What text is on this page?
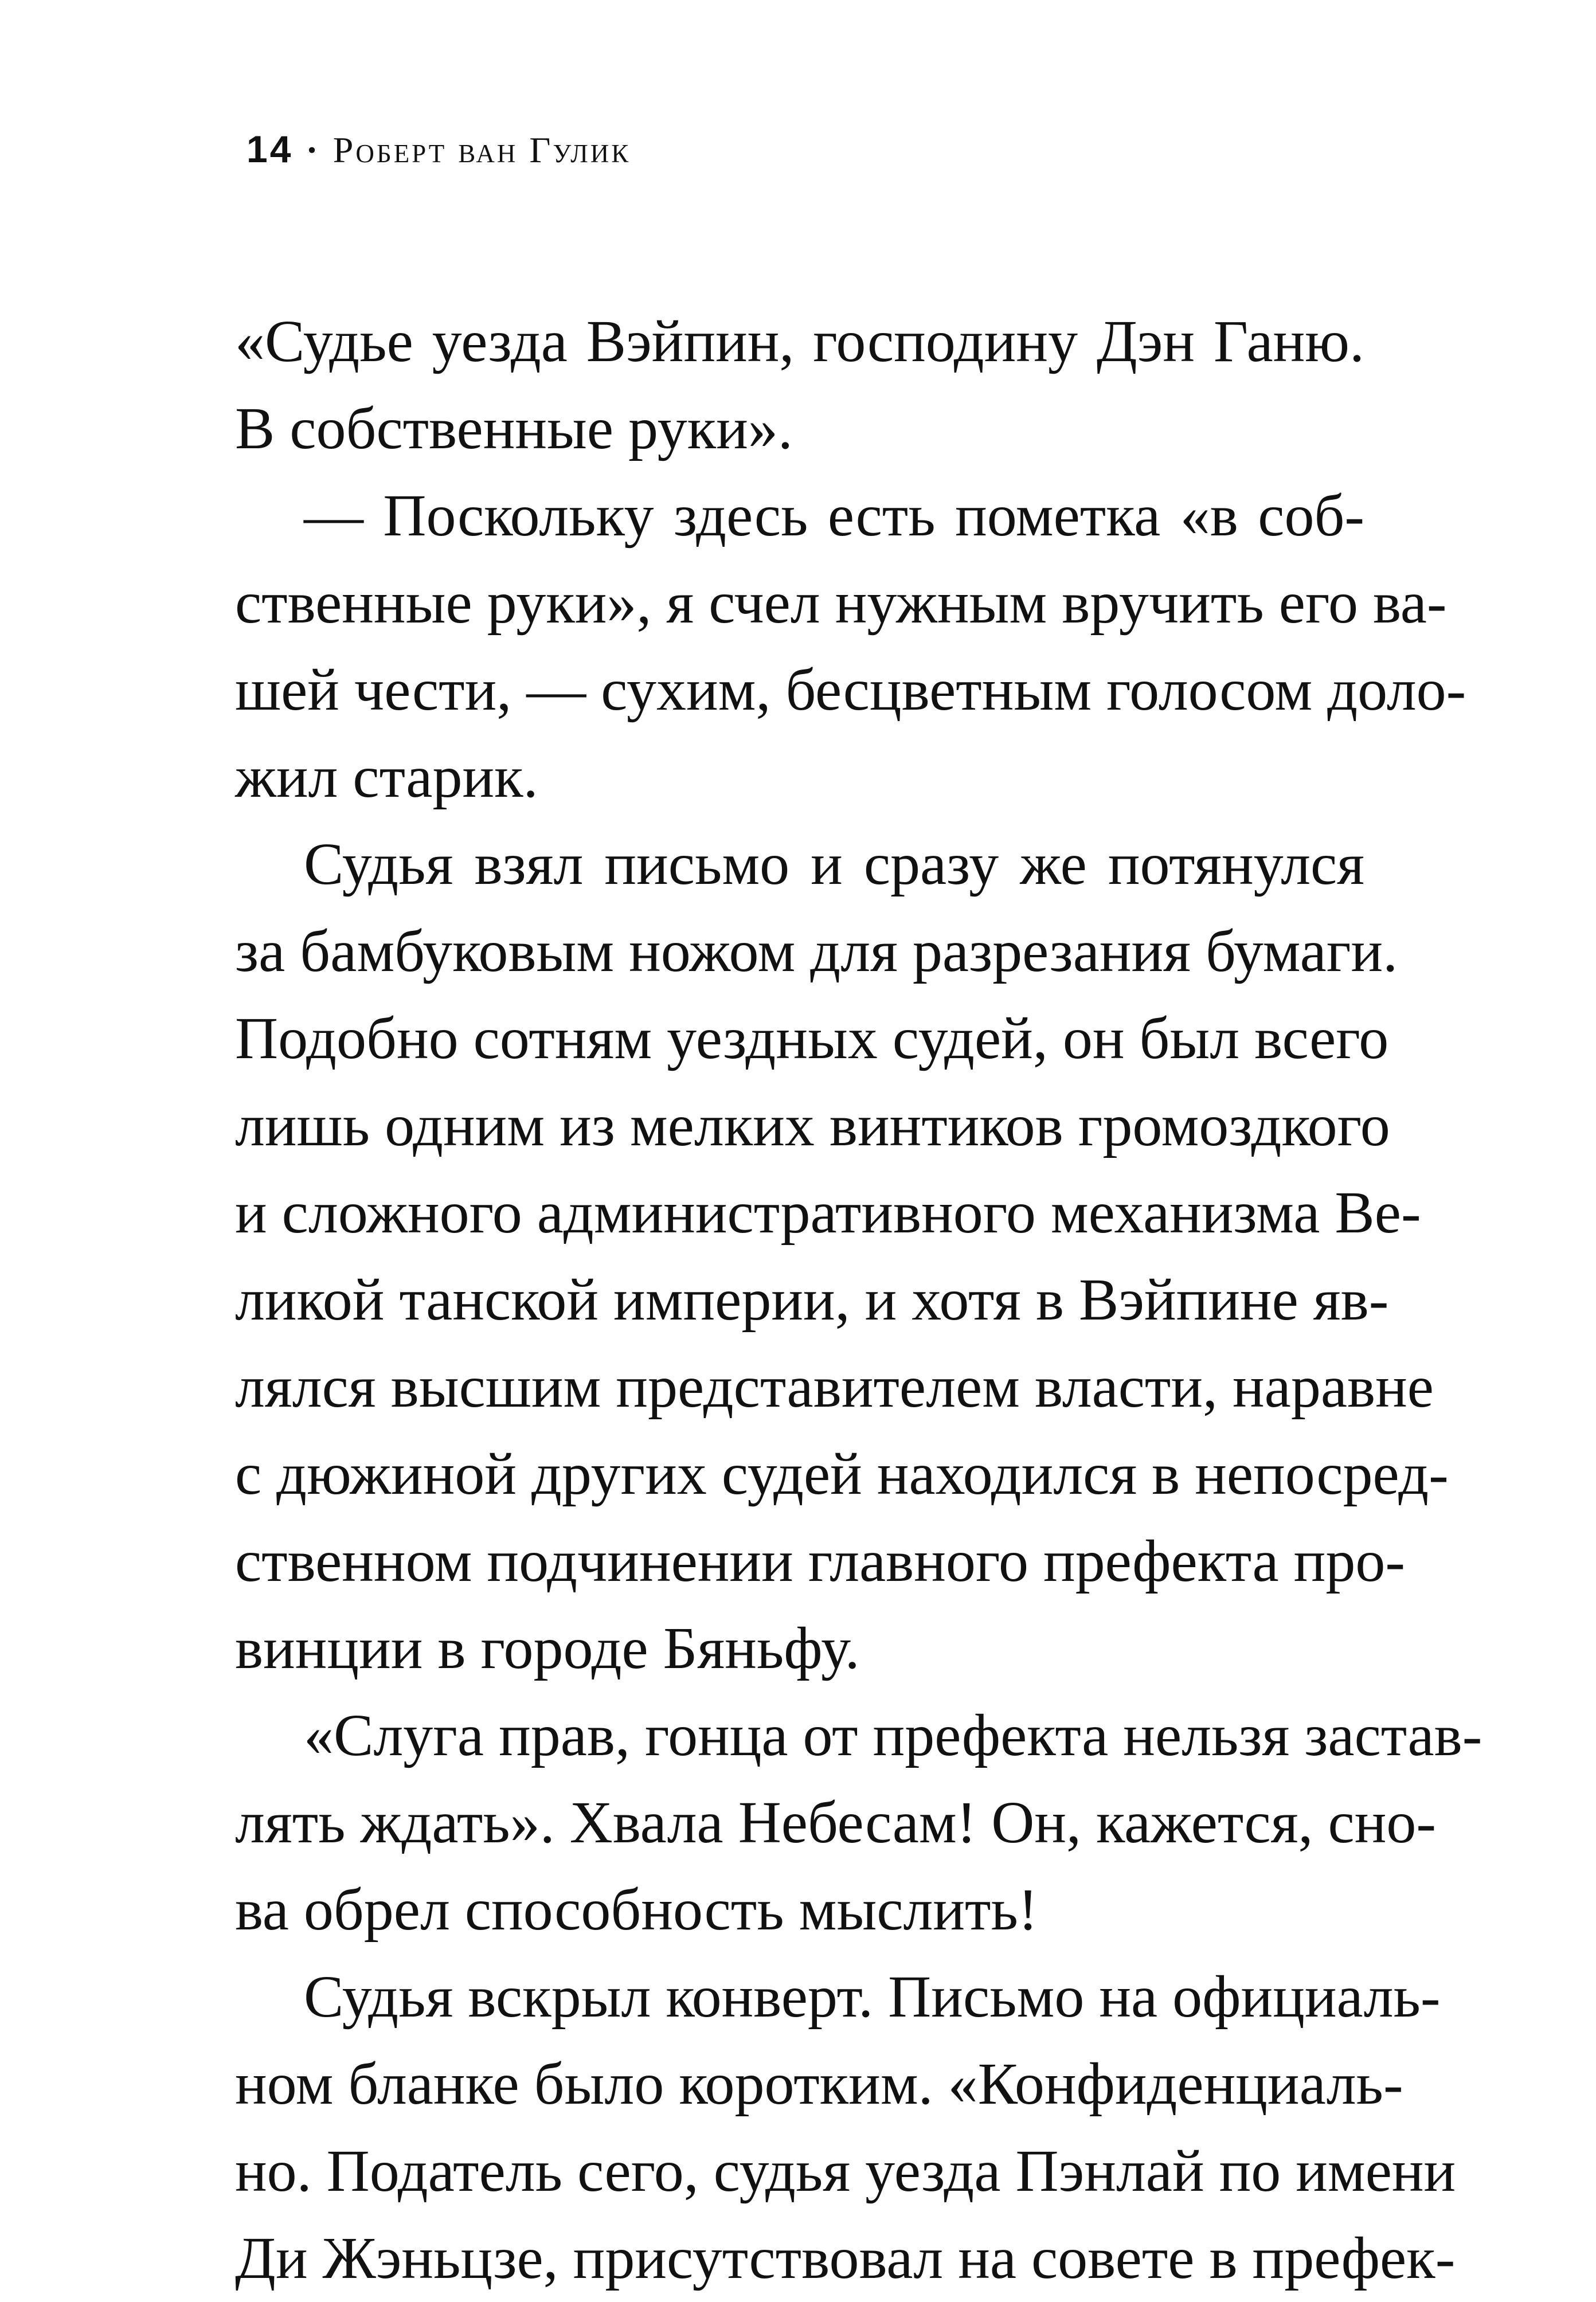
14 · Роберт ван Гулик
«Судье уезда Вэйпин, господину Дэн Ганю.
В собственные руки».
— Поскольку здесь есть пометка «в соб-
ственные руки», я счел нужным вручить его ва-
шей чести, — сухим, бесцветным голосом доло-
жил старик.
Судья взял письмо и сразу же потянулся
за бамбуковым ножом для разрезания бумаги.
Подобно сотням уездных судей, он был всего
лишь одним из мелких винтиков громоздкого
и сложного административного механизма Ве-
ликой танской империи, и хотя в Вэйпине яв-
лялся высшим представителем власти, наравне
с дюжиной других судей находился в непосред-
ственном подчинении главного префекта про-
винции в городе Бяньфу.
«Слуга прав, гонца от префекта нельзя застав-
лять ждать». Хвала Небесам! Он, кажется, сно-
ва обрел способность мыслить!
Судья вскрыл конверт. Письмо на официаль-
ном бланке было коротким. «Конфиденциаль-
но. Податель сего, судья уезда Пэнлай по имени
Ди Жэньцзе, присутствовал на совете в префек-
